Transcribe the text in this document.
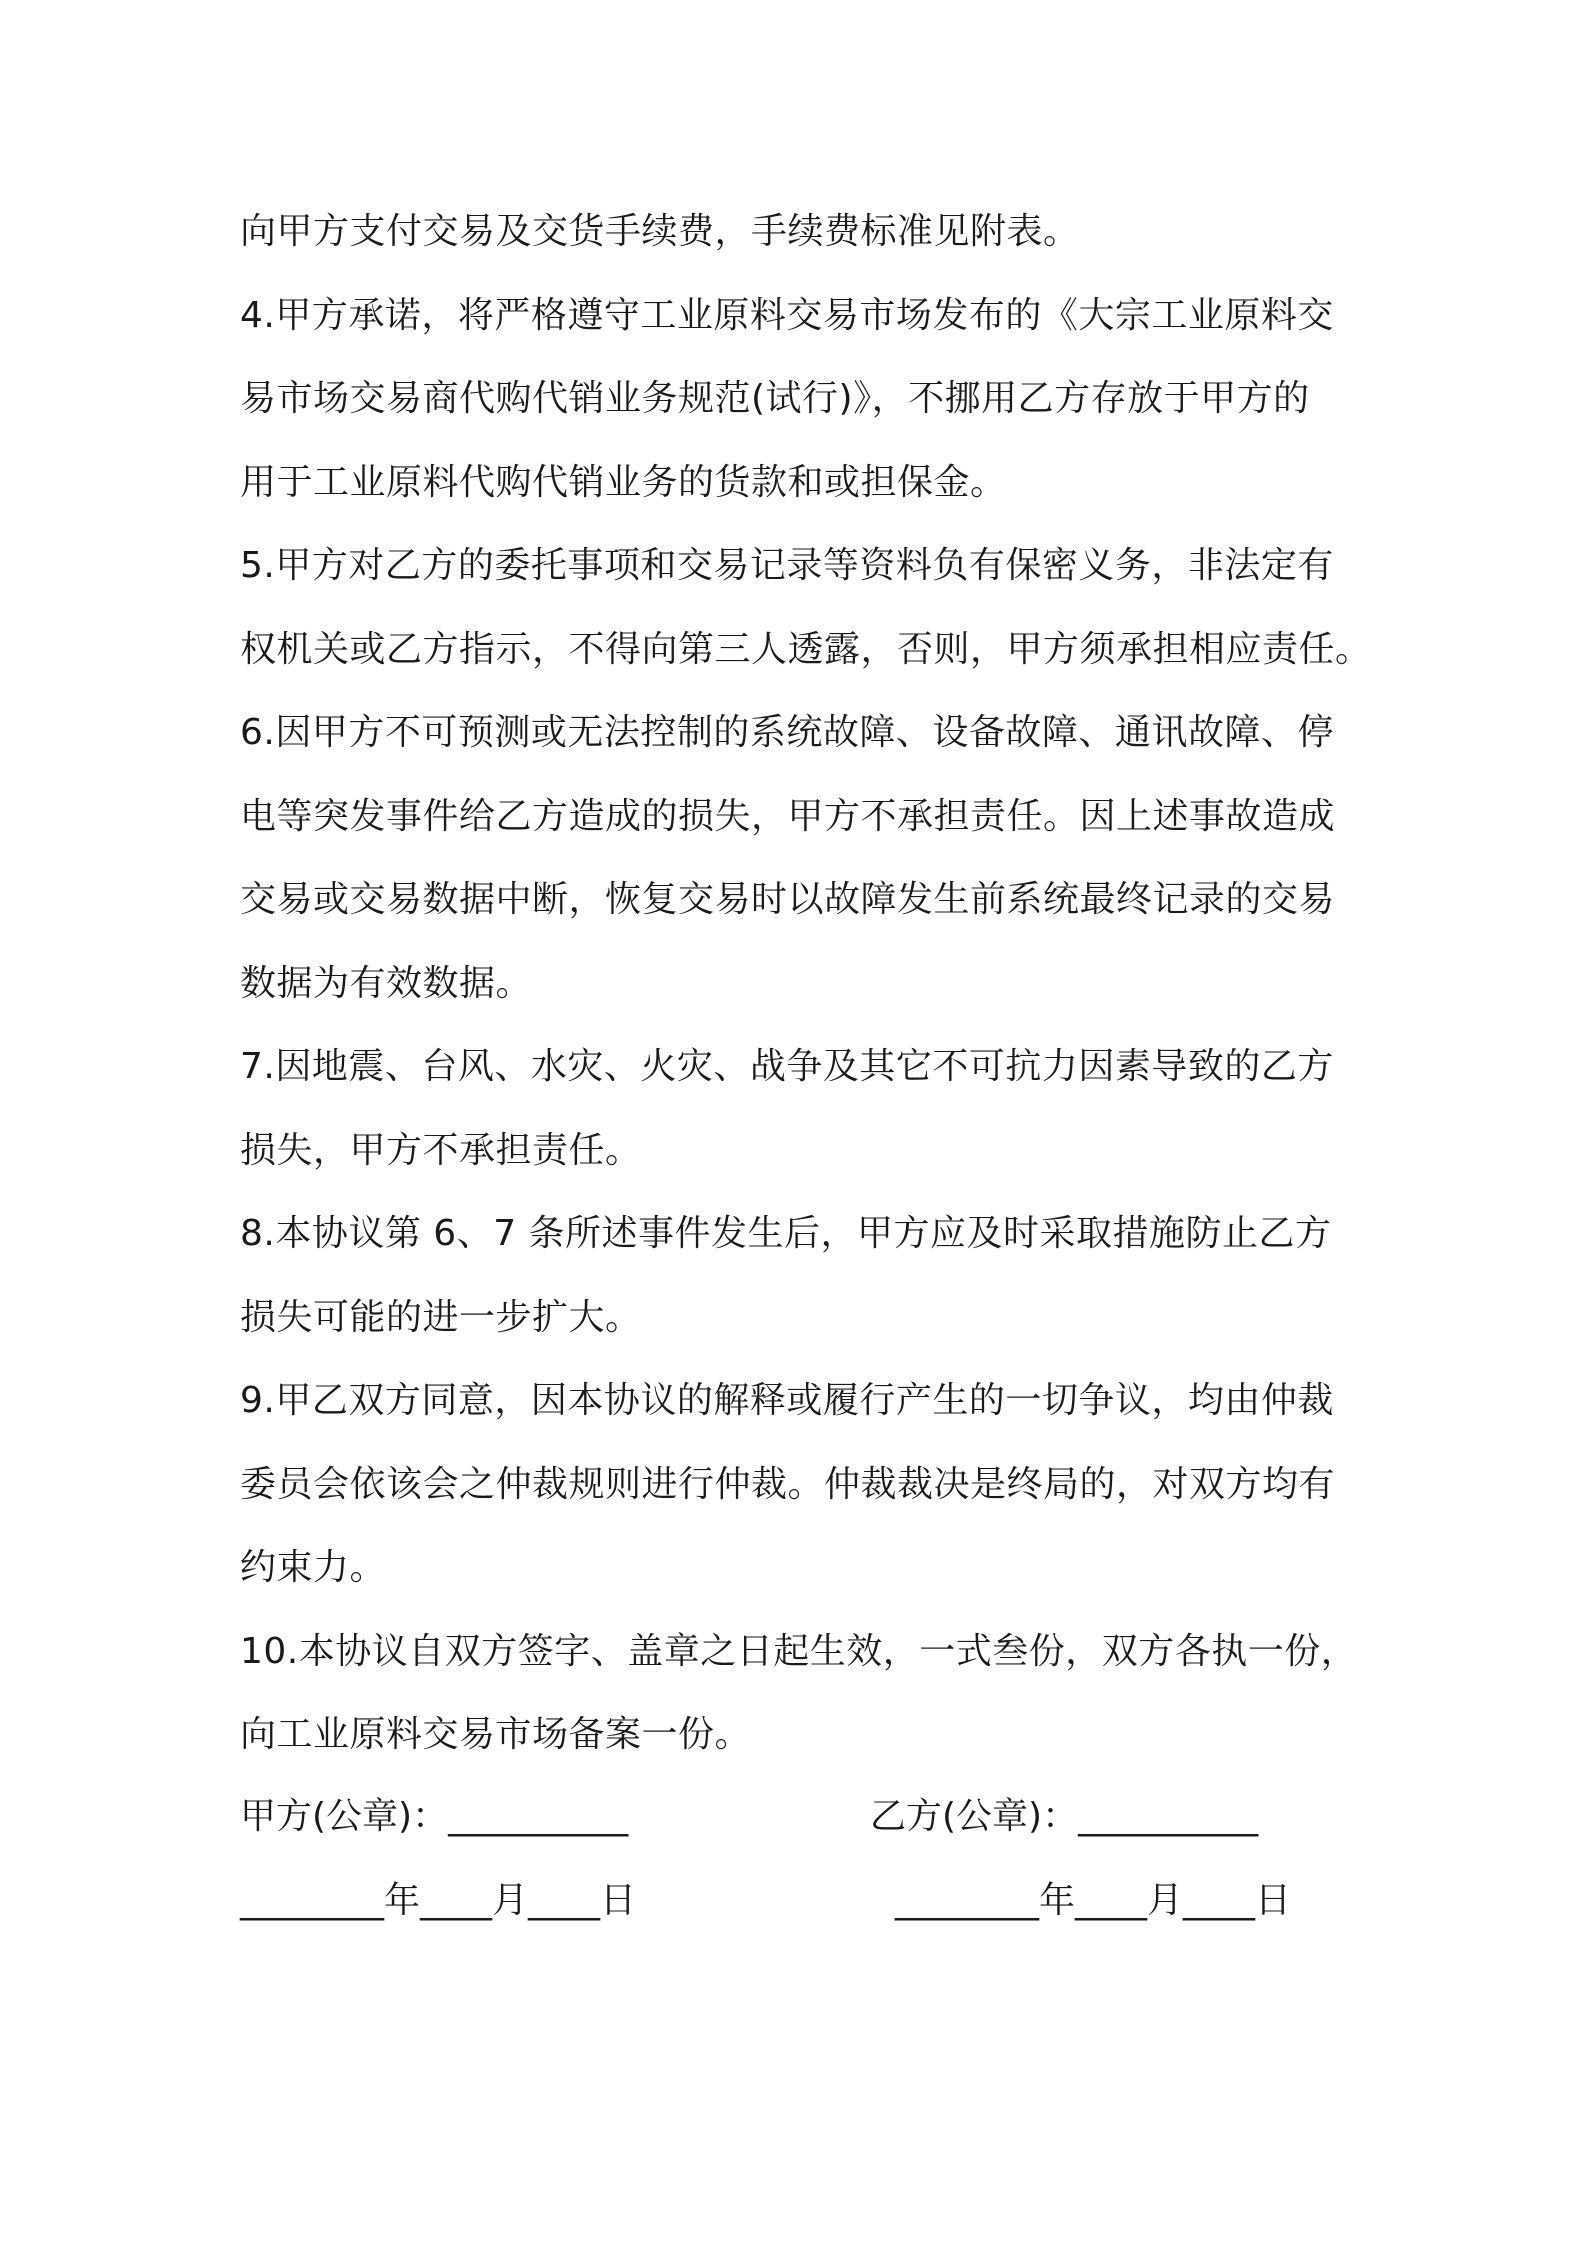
向甲方支付交易及交货手续费，手续费标准见附表。
4.甲方承诺，将严格遵守工业原料交易市场发布的《大宗工业原料交
易市场交易商代购代销业务规范(试行)》，不挪用乙方存放于甲方的
用于工业原料代购代销业务的货款和或担保金。
5.甲方对乙方的委托事项和交易记录等资料负有保密义务，非法定有
权机关或乙方指示，不得向第三人透露，否则，甲方须承担相应责任。
6.因甲方不可预测或无法控制的系统故障、设备故障、通讯故障、停
电等突发事件给乙方造成的损失，甲方不承担责任。因上述事故造成
交易或交易数据中断，恢复交易时以故障发生前系统最终记录的交易
数据为有效数据。
7.因地震、台风、水灾、火灾、战争及其它不可抗力因素导致的乙方
损失，甲方不承担责任。
8.本协议第 6、7 条所述事件发生后，甲方应及时采取措施防止乙方
损失可能的进一步扩大。
9.甲乙双方同意，因本协议的解释或履行产生的一切争议，均由仲裁
委员会依该会之仲裁规则进行仲裁。仲裁裁决是终局的，对双方均有
约束力。
10.本协议自双方签字、盖章之日起生效，一式叁份，双方各执一份，
向工业原料交易市场备案一份。
甲方(公章)：__________	乙方(公章)：__________
________年____月____日	________年____月____日
